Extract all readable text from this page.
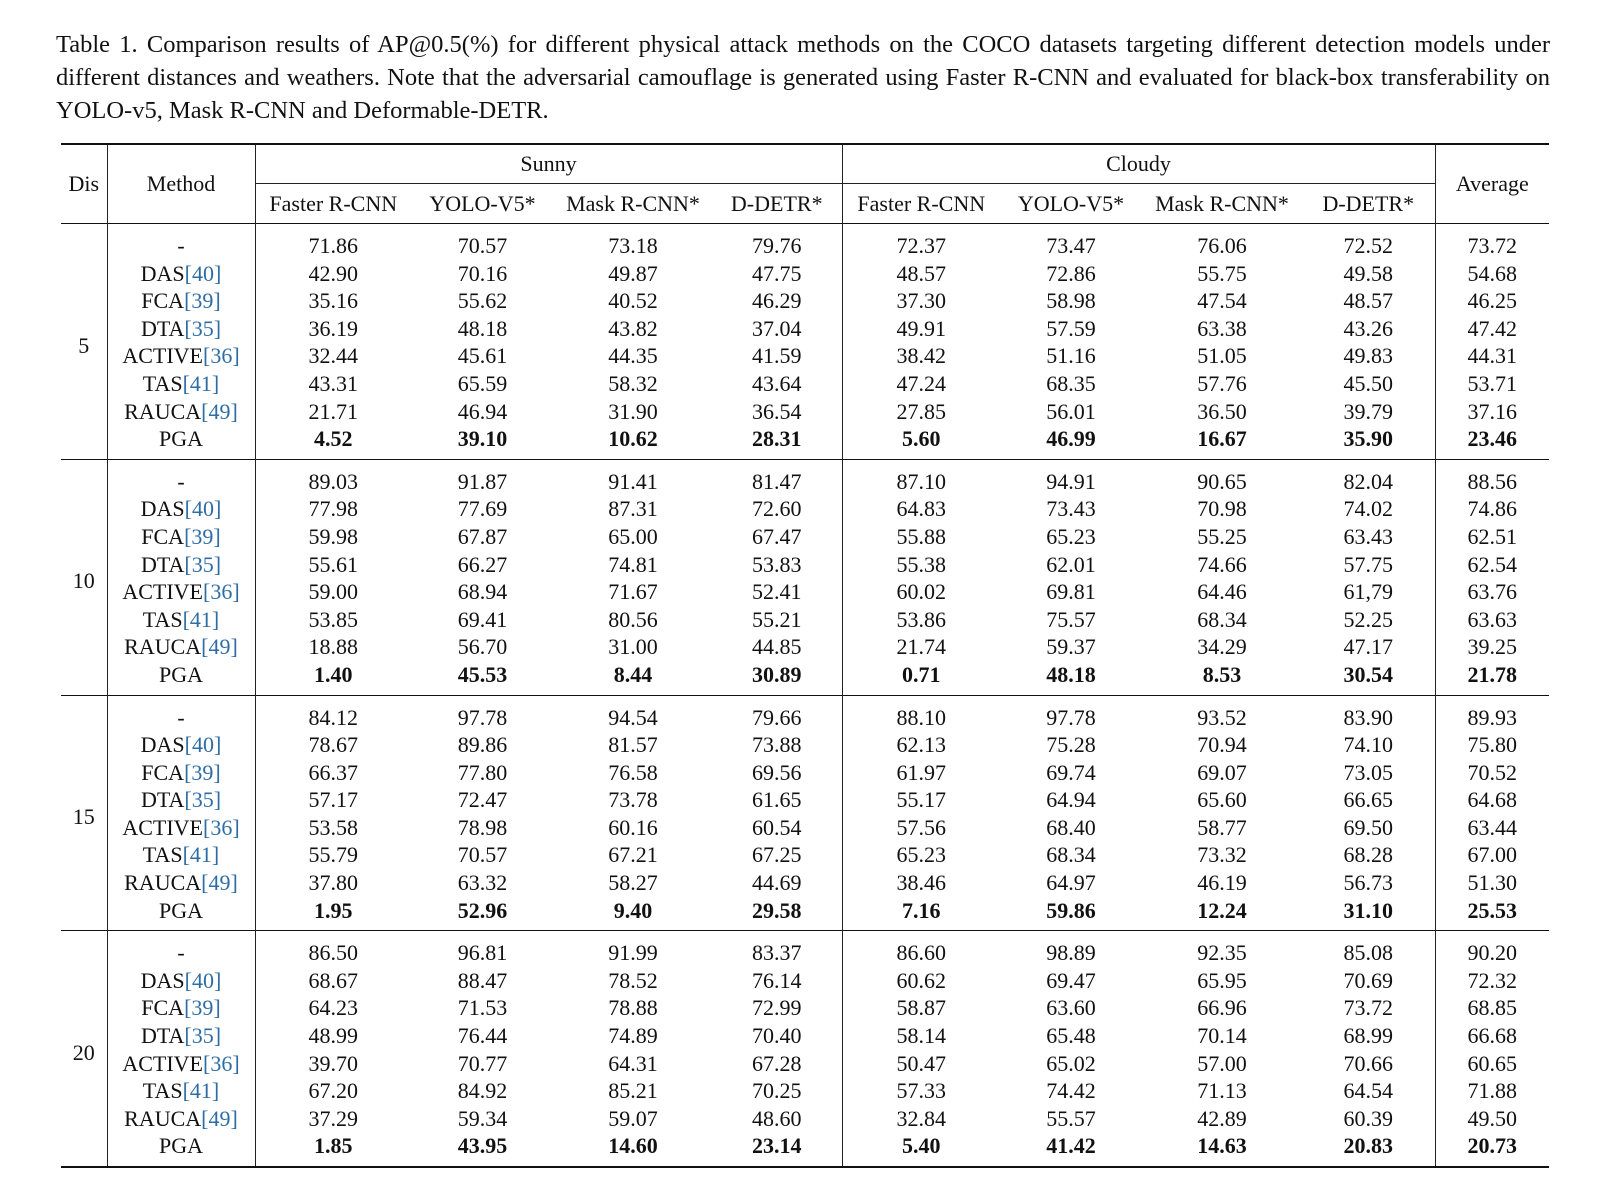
Table 1. Comparison results of AP@0.5(%) for different physical attack methods on the COCO datasets targeting different detection models under different distances and weathers. Note that the adversarial camouflage is generated using Faster R-CNN and evaluated for black-box transferability on YOLO-v5, Mask R-CNN and Deformable-DETR.
Dis	Method	Sunny				Cloudy				Average
		Faster R-CNN	YOLO-V5*	Mask R-CNN*	D-DETR*	Faster R-CNN	YOLO-V5*	Mask R-CNN*	D-DETR*	
5	-	71.86	70.57	73.18	79.76	72.37	73.47	76.06	72.52	73.72
	DAS[40]	42.90	70.16	49.87	47.75	48.57	72.86	55.75	49.58	54.68
	FCA[39]	35.16	55.62	40.52	46.29	37.30	58.98	47.54	48.57	46.25
	DTA[35]	36.19	48.18	43.82	37.04	49.91	57.59	63.38	43.26	47.42
	ACTIVE[36]	32.44	45.61	44.35	41.59	38.42	51.16	51.05	49.83	44.31
	TAS[41]	43.31	65.59	58.32	43.64	47.24	68.35	57.76	45.50	53.71
	RAUCA[49]	21.71	46.94	31.90	36.54	27.85	56.01	36.50	39.79	37.16
	PGA	4.52	39.10	10.62	28.31	5.60	46.99	16.67	35.90	23.46
10	-	89.03	91.87	91.41	81.47	87.10	94.91	90.65	82.04	88.56
	DAS[40]	77.98	77.69	87.31	72.60	64.83	73.43	70.98	74.02	74.86
	FCA[39]	59.98	67.87	65.00	67.47	55.88	65.23	55.25	63.43	62.51
	DTA[35]	55.61	66.27	74.81	53.83	55.38	62.01	74.66	57.75	62.54
	ACTIVE[36]	59.00	68.94	71.67	52.41	60.02	69.81	64.46	61,79	63.76
	TAS[41]	53.85	69.41	80.56	55.21	53.86	75.57	68.34	52.25	63.63
	RAUCA[49]	18.88	56.70	31.00	44.85	21.74	59.37	34.29	47.17	39.25
	PGA	1.40	45.53	8.44	30.89	0.71	48.18	8.53	30.54	21.78
15	-	84.12	97.78	94.54	79.66	88.10	97.78	93.52	83.90	89.93
	DAS[40]	78.67	89.86	81.57	73.88	62.13	75.28	70.94	74.10	75.80
	FCA[39]	66.37	77.80	76.58	69.56	61.97	69.74	69.07	73.05	70.52
	DTA[35]	57.17	72.47	73.78	61.65	55.17	64.94	65.60	66.65	64.68
	ACTIVE[36]	53.58	78.98	60.16	60.54	57.56	68.40	58.77	69.50	63.44
	TAS[41]	55.79	70.57	67.21	67.25	65.23	68.34	73.32	68.28	67.00
	RAUCA[49]	37.80	63.32	58.27	44.69	38.46	64.97	46.19	56.73	51.30
	PGA	1.95	52.96	9.40	29.58	7.16	59.86	12.24	31.10	25.53
20	-	86.50	96.81	91.99	83.37	86.60	98.89	92.35	85.08	90.20
	DAS[40]	68.67	88.47	78.52	76.14	60.62	69.47	65.95	70.69	72.32
	FCA[39]	64.23	71.53	78.88	72.99	58.87	63.60	66.96	73.72	68.85
	DTA[35]	48.99	76.44	74.89	70.40	58.14	65.48	70.14	68.99	66.68
	ACTIVE[36]	39.70	70.77	64.31	67.28	50.47	65.02	57.00	70.66	60.65
	TAS[41]	67.20	84.92	85.21	70.25	57.33	74.42	71.13	64.54	71.88
	RAUCA[49]	37.29	59.34	59.07	48.60	32.84	55.57	42.89	60.39	49.50
	PGA	1.85	43.95	14.60	23.14	5.40	41.42	14.63	20.83	20.73
